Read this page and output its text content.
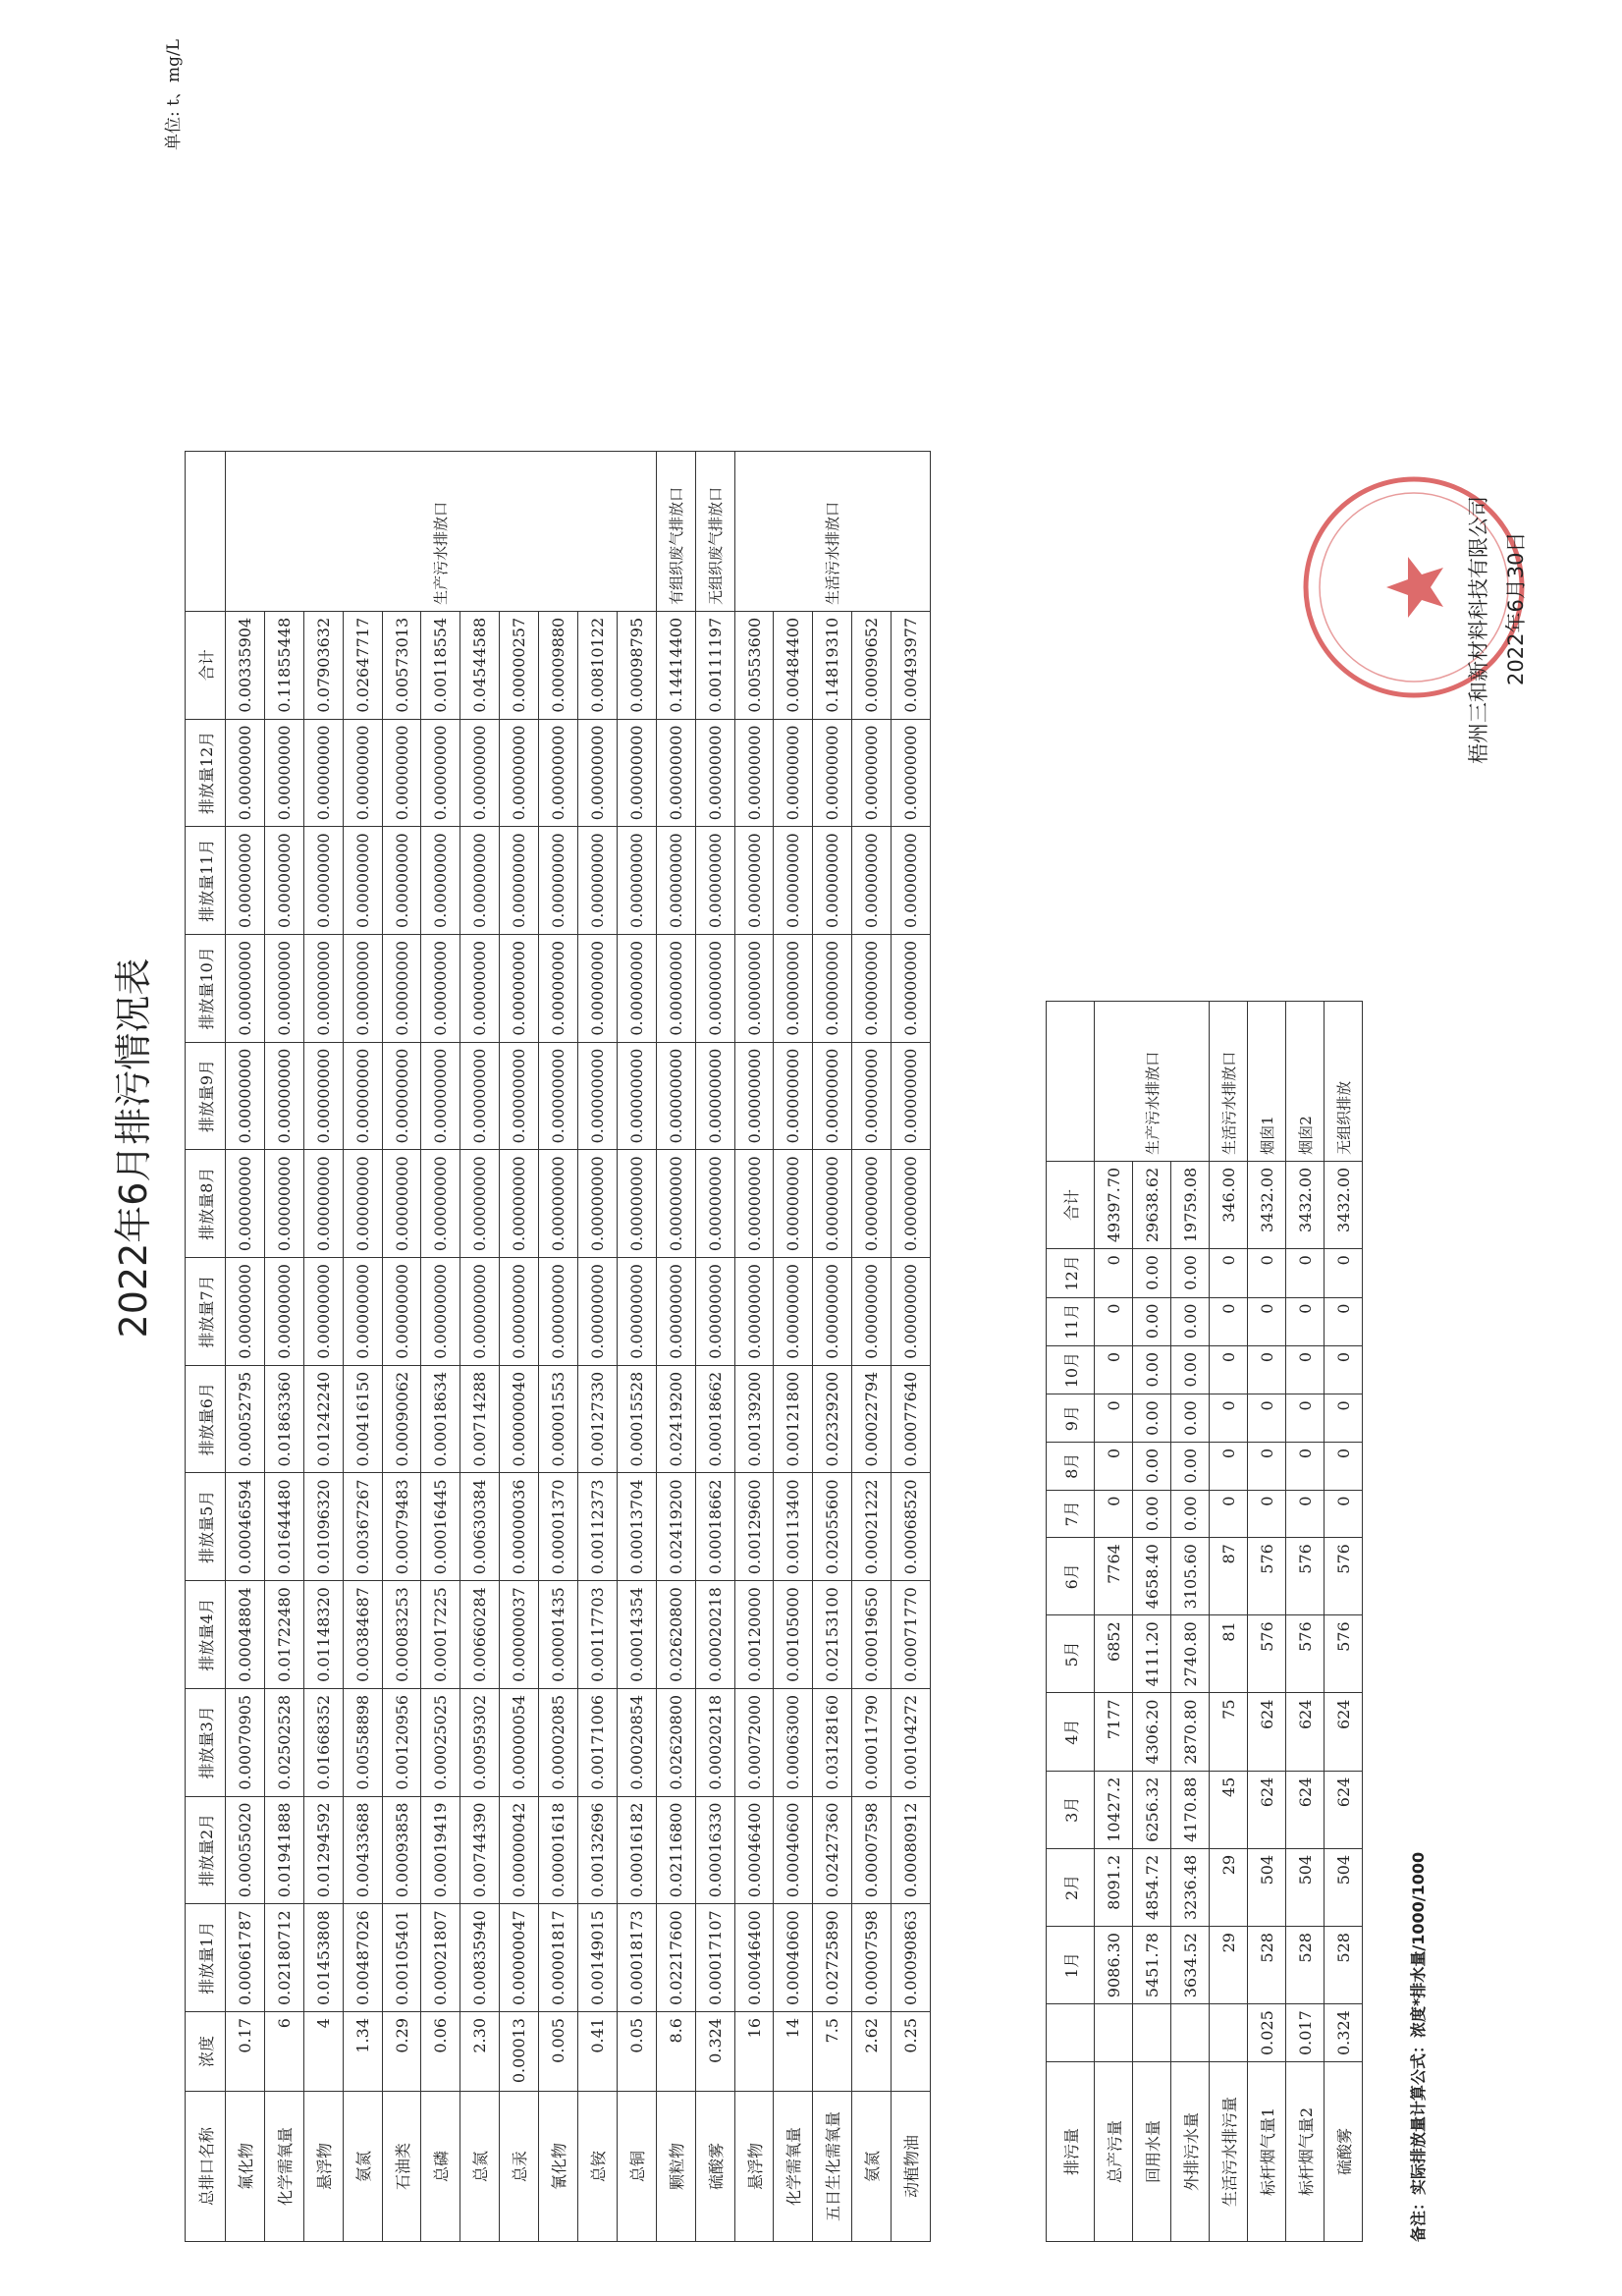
2022年6月排污情况表
单位: t、mg/L
总排口名称	浓度	排放量1月	排放量2月	排放量3月	排放量4月	排放量5月	排放量6月	排放量7月	排放量8月	排放量9月	排放量10月	排放量11月	排放量12月	合计	
氟化物	0.17	0.00061787	0.00055020	0.00070905	0.00048804	0.00046594	0.00052795	0.00000000	0.00000000	0.00000000	0.00000000	0.00000000	0.00000000	0.00335904	生产污水排放口
化学需氧量	6	0.02180712	0.01941888	0.02502528	0.01722480	0.01644480	0.01863360	0.00000000	0.00000000	0.00000000	0.00000000	0.00000000	0.00000000	0.11855448	
悬浮物	4	0.01453808	0.01294592	0.01668352	0.01148320	0.01096320	0.01242240	0.00000000	0.00000000	0.00000000	0.00000000	0.00000000	0.00000000	0.07903632	
氨氮	1.34	0.00487026	0.00433688	0.00558898	0.00384687	0.00367267	0.00416150	0.00000000	0.00000000	0.00000000	0.00000000	0.00000000	0.00000000	0.02647717	
石油类	0.29	0.00105401	0.00093858	0.00120956	0.00083253	0.00079483	0.00090062	0.00000000	0.00000000	0.00000000	0.00000000	0.00000000	0.00000000	0.00573013	
总磷	0.06	0.00021807	0.00019419	0.00025025	0.00017225	0.00016445	0.00018634	0.00000000	0.00000000	0.00000000	0.00000000	0.00000000	0.00000000	0.00118554	
总氮	2.30	0.00835940	0.00744390	0.00959302	0.00660284	0.00630384	0.00714288	0.00000000	0.00000000	0.00000000	0.00000000	0.00000000	0.00000000	0.04544588	
总汞	0.00013	0.00000047	0.00000042	0.00000054	0.00000037	0.00000036	0.00000040	0.00000000	0.00000000	0.00000000	0.00000000	0.00000000	0.00000000	0.00000257	
氰化物	0.005	0.00001817	0.00001618	0.00002085	0.00001435	0.00001370	0.00001553	0.00000000	0.00000000	0.00000000	0.00000000	0.00000000	0.00000000	0.00009880	
总铵	0.41	0.00149015	0.00132696	0.00171006	0.00117703	0.00112373	0.00127330	0.00000000	0.00000000	0.00000000	0.00000000	0.00000000	0.00000000	0.00810122	
总铜	0.05	0.00018173	0.00016182	0.00020854	0.00014354	0.00013704	0.00015528	0.00000000	0.00000000	0.00000000	0.00000000	0.00000000	0.00000000	0.00098795	
颗粒物	8.6	0.02217600	0.02116800	0.02620800	0.02620800	0.02419200	0.02419200	0.00000000	0.00000000	0.00000000	0.00000000	0.00000000	0.00000000	0.14414400	有组织废气排放口
硫酸雾	0.324	0.00017107	0.00016330	0.00020218	0.00020218	0.00018662	0.00018662	0.00000000	0.00000000	0.00000000	0.00000000	0.00000000	0.00000000	0.00111197	无组织废气排放口
悬浮物	16	0.00046400	0.00046400	0.00072000	0.00120000	0.00129600	0.00139200	0.00000000	0.00000000	0.00000000	0.00000000	0.00000000	0.00000000	0.00553600	生活污水排放口
化学需氧量	14	0.00040600	0.00040600	0.00063000	0.00105000	0.00113400	0.00121800	0.00000000	0.00000000	0.00000000	0.00000000	0.00000000	0.00000000	0.00484400	
五日生化需氧量	7.5	0.02725890	0.02427360	0.03128160	0.02153100	0.02055600	0.02329200	0.00000000	0.00000000	0.00000000	0.00000000	0.00000000	0.00000000	0.14819310	
氨氮	2.62	0.00007598	0.00007598	0.00011790	0.00019650	0.00021222	0.00022794	0.00000000	0.00000000	0.00000000	0.00000000	0.00000000	0.00000000	0.00090652	
动植物油	0.25	0.00090863	0.00080912	0.00104272	0.00071770	0.00068520	0.00077640	0.00000000	0.00000000	0.00000000	0.00000000	0.00000000	0.00000000	0.00493977	
排污量		1月	2月	3月	4月	5月	6月	7月	8月	9月	10月	11月	12月	合计	
总产污量		9086.30	8091.2	10427.2	7177	6852	7764	0	0	0	0	0	0	49397.70	生产污水排放口
回用水量		5451.78	4854.72	6256.32	4306.20	4111.20	4658.40	0.00	0.00	0.00	0.00	0.00	0.00	29638.62	
外排污水量		3634.52	3236.48	4170.88	2870.80	2740.80	3105.60	0.00	0.00	0.00	0.00	0.00	0.00	19759.08	
生活污水排污量		29	29	45	75	81	87	0	0	0	0	0	0	346.00	生活污水排放口
标杆烟气量1	0.025	528	504	624	624	576	576	0	0	0	0	0	0	3432.00	烟囱1
标杆烟气量2	0.017	528	504	624	624	576	576	0	0	0	0	0	0	3432.00	烟囱2
硫酸雾	0.324	528	504	624	624	576	576	0	0	0	0	0	0	3432.00	无组织排放
备注：实际排放量计算公式：浓度*排水量/1000/1000
梧州三和新材料科技有限公司 2022年6月30日
